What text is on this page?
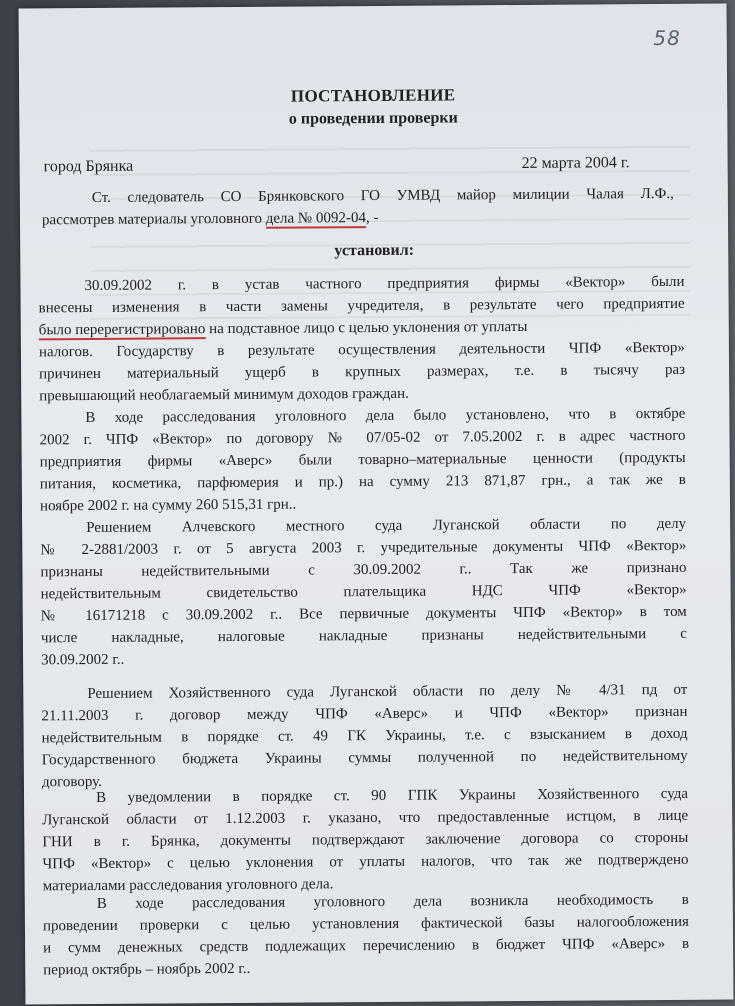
58
ПОСТАНОВЛЕНИЕ
о проведении проверки
город Брянка	22 марта 2004 г.
Ст. следователь СО Брянковского ГО УМВД майор милиции Чалая Л.Ф.,
рассмотрев материалы уголовного дела № 0092-04, -
установил:
30.09.2002 г. в устав частного предприятия фирмы «Вектор» были
внесены изменения в части замены учредителя, в результате чего предприятие
было перерегистрировано на подставное лицо с целью уклонения от уплаты
налогов. Государству в результате осуществления деятельности ЧПФ «Вектор»
причинен материальный ущерб в крупных размерах, т.е. в тысячу раз
превышающий необлагаемый минимум доходов граждан.
В ходе расследования уголовного дела было установлено, что в октябре
2002 г. ЧПФ «Вектор» по договору № 07/05-02 от 7.05.2002 г. в адрес частного
предприятия фирмы «Аверс» были товарно–материальные ценности (продукты
питания, косметика, парфюмерия и пр.) на сумму 213 871,87 грн., а так же в
ноябре 2002 г. на сумму 260 515,31 грн..
Решением Алчевского местного суда Луганской области по делу
№ 2-2881/2003 г. от 5 августа 2003 г. учредительные документы ЧПФ «Вектор»
признаны недействительными с 30.09.2002 г.. Так же признано
недействительным свидетельство плательщика НДС ЧПФ «Вектор»
№ 16171218 с 30.09.2002 г.. Все первичные документы ЧПФ «Вектор» в том
числе накладные, налоговые накладные признаны недействительными с
30.09.2002 г..
Решением Хозяйственного суда Луганской области по делу № 4/31 пд от
21.11.2003 г. договор между ЧПФ «Аверс» и ЧПФ «Вектор» признан
недействительным в порядке ст. 49 ГК Украины, т.е. с взысканием в доход
Государственного бюджета Украины суммы полученной по недействительному
договору.
В уведомлении в порядке ст. 90 ГПК Украины Хозяйственного суда
Луганской области от 1.12.2003 г. указано, что предоставленные истцом, в лице
ГНИ в г. Брянка, документы подтверждают заключение договора со стороны
ЧПФ «Вектор» с целью уклонения от уплаты налогов, что так же подтверждено
материалами расследования уголовного дела.
В ходе расследования уголовного дела возникла необходимость в
проведении проверки с целью установления фактической базы налогообложения
и сумм денежных средств подлежащих перечислению в бюджет ЧПФ «Аверс» в
период октябрь – ноябрь 2002 г..
